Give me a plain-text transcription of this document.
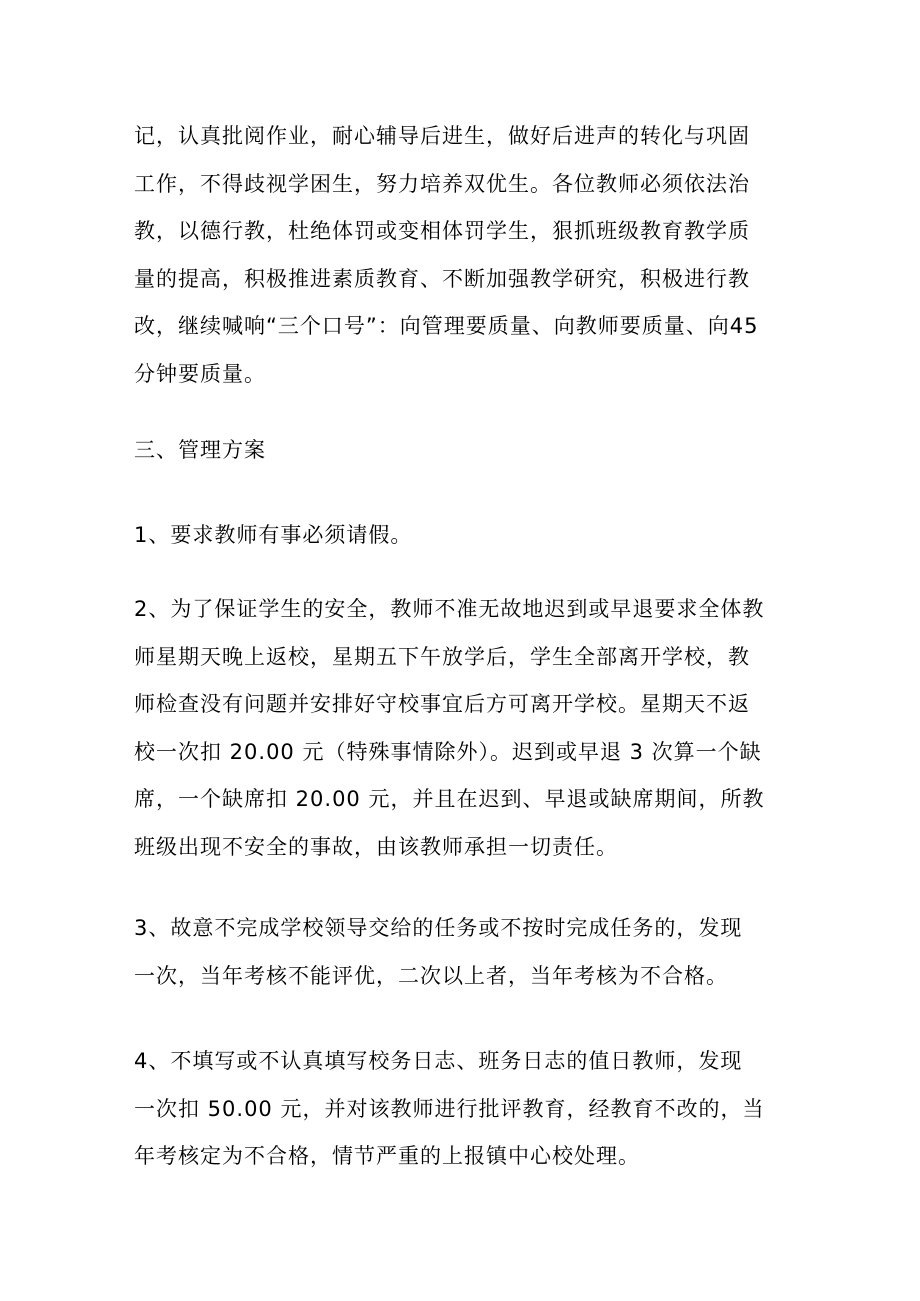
记，认真批阅作业，耐心辅导后进生，做好后进声的转化与巩固
工作，不得歧视学困生，努力培养双优生。各位教师必须依法治
教，以德行教，杜绝体罚或变相体罚学生，狠抓班级教育教学质
量的提高，积极推进素质教育、不断加强教学研究，积极进行教
改，继续喊响“三个口号”：向管理要质量、向教师要质量、向45
分钟要质量。
三、管理方案
1、要求教师有事必须请假。
2、为了保证学生的安全，教师不准无故地迟到或早退要求全体教
师星期天晚上返校，星期五下午放学后，学生全部离开学校，教
师检查没有问题并安排好守校事宜后方可离开学校。星期天不返
校一次扣 20.00 元（特殊事情除外）。迟到或早退 3 次算一个缺
席，一个缺席扣 20.00 元，并且在迟到、早退或缺席期间，所教
班级出现不安全的事故，由该教师承担一切责任。
3、故意不完成学校领导交给的任务或不按时完成任务的，发现
一次，当年考核不能评优，二次以上者，当年考核为不合格。
4、不填写或不认真填写校务日志、班务日志的值日教师，发现
一次扣 50.00 元，并对该教师进行批评教育，经教育不改的，当
年考核定为不合格，情节严重的上报镇中心校处理。
